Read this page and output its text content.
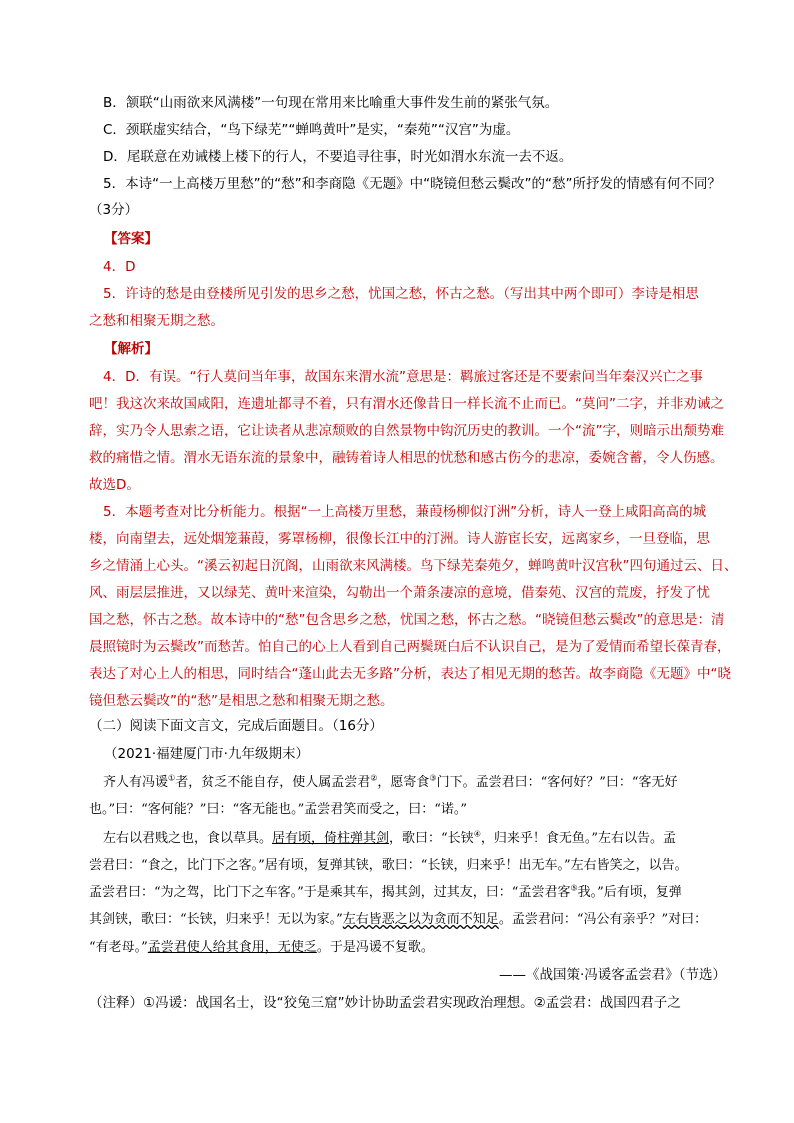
B．颔联“山雨欲来风满楼”一句现在常用来比喻重大事件发生前的紧张气氛。
C．颈联虚实结合，“鸟下绿芜”“蝉鸣黄叶”是实，“秦苑”“汉宫”为虚。
D．尾联意在劝诫楼上楼下的行人，不要追寻往事，时光如渭水东流一去不返。
5．本诗“一上高楼万里愁”的“愁”和李商隐《无题》中“晓镜但愁云鬓改”的“愁”所抒发的情感有何不同？
（3分）
【答案】
4．D
5．许诗的愁是由登楼所见引发的思乡之愁，忧国之愁，怀古之愁。（写出其中两个即可）李诗是相思
之愁和相聚无期之愁。
【解析】
4．D．有误。“行人莫问当年事，故国东来渭水流”意思是：羁旅过客还是不要索问当年秦汉兴亡之事
吧！我这次来故国咸阳，连遗址都寻不着，只有渭水还像昔日一样长流不止而已。“莫问”二字，并非劝诫之
辞，实乃令人思索之语，它让读者从悲凉颓败的自然景物中钩沉历史的教训。一个“流”字，则暗示出颓势难
救的痛惜之情。渭水无语东流的景象中，融铸着诗人相思的忧愁和感古伤今的悲凉，委婉含蓄，令人伤感。
故选D。
5．本题考查对比分析能力。根据“一上高楼万里愁，蒹葭杨柳似汀洲”分析，诗人一登上咸阳高高的城
楼，向南望去，远处烟笼蒹葭，雾罩杨柳，很像长江中的汀洲。诗人游宦长安，远离家乡，一旦登临，思
乡之情涌上心头。“溪云初起日沉阁，山雨欲来风满楼。鸟下绿芜秦苑夕，蝉鸣黄叶汉宫秋”四句通过云、日、
风、雨层层推进，又以绿芜、黄叶来渲染，勾勒出一个萧条凄凉的意境，借秦苑、汉宫的荒废，抒发了忧
国之愁，怀古之愁。故本诗中的“愁”包含思乡之愁，忧国之愁，怀古之愁。“晓镜但愁云鬓改”的意思是：清
晨照镜时为云鬓改”而愁苦。怕自己的心上人看到自己两鬓斑白后不认识自己，是为了爱情而希望长葆青春，
表达了对心上人的相思，同时结合“蓬山此去无多路”分析，表达了相见无期的愁苦。故李商隐《无题》中“晓
镜但愁云鬓改”的“愁”是相思之愁和相聚无期之愁。
（二）阅读下面文言文，完成后面题目。（16分）
（2021·福建厦门市·九年级期末）
齐人有冯谖①者，贫乏不能自存，使人属孟尝君②，愿寄食③门下。孟尝君曰：“客何好？”曰：“客无好
也。”曰：“客何能？”曰：“客无能也。”孟尝君笑而受之，曰：“诺。”
左右以君贱之也，食以草具。居有顷，倚柱弹其剑，歌曰：“长铗④，归来乎！食无鱼。”左右以告。孟
尝君曰：“食之，比门下之客。”居有顷，复弹其铗，歌曰：“长铗，归来乎！出无车。”左右皆笑之，以告。
孟尝君曰：“为之驾，比门下之车客。”于是乘其车，揭其剑，过其友，曰：“孟尝君客⑤我。”后有顷，复弹
其剑铗，歌曰：“长铗，归来乎！无以为家。”左右皆恶之以为贪而不知足。孟尝君问：“冯公有亲乎？”对曰：
“有老母。”孟尝君使人给其食用，无使乏。于是冯谖不复歌。
——《战国策·冯谖客孟尝君》（节选）
（注释）①冯谖：战国名士，设“狡兔三窟”妙计协助孟尝君实现政治理想。②孟尝君：战国四君子之
